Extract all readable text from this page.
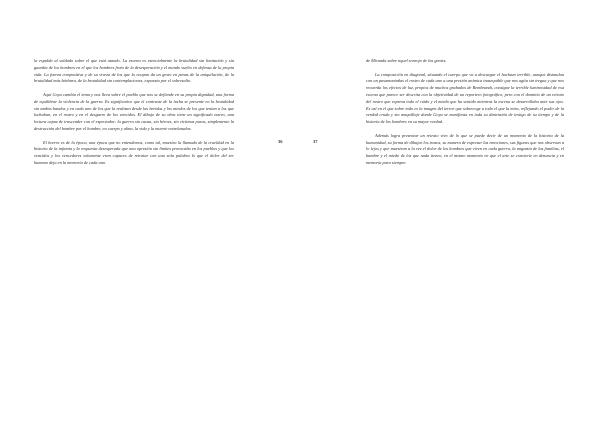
la espalda al soldado sobre el que está atando. La escena es esencialmente la brutalidad sin limitación y sin guardia de los hombres en el que los hombres fruto de la desesperación y el mundo vuelto en defensa de la propia vida. La fuerza compositiva y de su viveza de los que la ocupan da un gesto en penas de la aniquilación, de la brutalidad más bárbara, de la brutalidad sin contemplaciones, expuesta por el sobresalto.

Aquí Goya cambia el tema y nos lleva sobre el pueblo que nos se defiende en su propia dignidad, una forma de equilibrar la violencia de la guerra. Es significativo que el contraste de la lucha se presente en la brutalidad sin ambos bandos y en cada uno de los que la realizan desde las heridas y los miedos de los que tenían a los que luchaban, en el rostro y en el desgarro de los vencidos. El dibujo de su obra tiene un significado nuevo, una lectura capaz de trascender con el espectador: la guerra sin causa, sin héroes, sin víctimas puras, simplemente la destrucción del hombre por el hombre, en cuerpo y alma, la vida y la muerte entrelazados.

El horror es de la época, una época que no entendemos, como tal, muestra la llamada de la crueldad en la historia de la infamia y la respuesta desesperada que una opresión sin límites provocaba en los pueblos y que los vencidos y los vencedores solamente eran capaces de retratar con una sola palabra lo que el dolor del ser humano deja en la memoria de cada uno.

36	37

de Miranda sobre aquel sonrojo de las gentes.

La composición en diagonal, situando el cuerpo que va a descargar el hachazo terrible, aunque disimulan con un pasamontañas el rostro de cada uno a una presión anímica inasequible que nos agita sin tregua y que nos recuerda los efectos de luz, propios de muchos grabados de Rembrandt, consigue la terrible luminosidad de esa escena que parece ser descrita con la objetividad de un reportero fotográfico, pero con el dominio de un retrato del rostro que expresa todo el ruido y el miedo que ha sentido mientras la escena se desarrollaba ante sus ojos. Es así en el que sobre todo es la imagen del terror que sobrecoge a todo el que la mira, reflejando el poder de la verdad cruda y sin maquillaje donde Goya se manifiesta en toda su dimensión de testigo de su tiempo y de la historia de los hombres en su mayor verdad.

Además logra presentar un retrato vivo de lo que se puede decir de un momento de la historia de la humanidad, su forma de dibujar los trazos, su manera de expresar las emociones, sus figuras que nos observan a lo lejos y que muestran a la vez el dolor de los hombres que viven en cada guerra, la angustia de las familias, el hambre y el miedo de los que nada tienen, en el mismo momento en que el arte se convierte en denuncia y en memoria para siempre.
